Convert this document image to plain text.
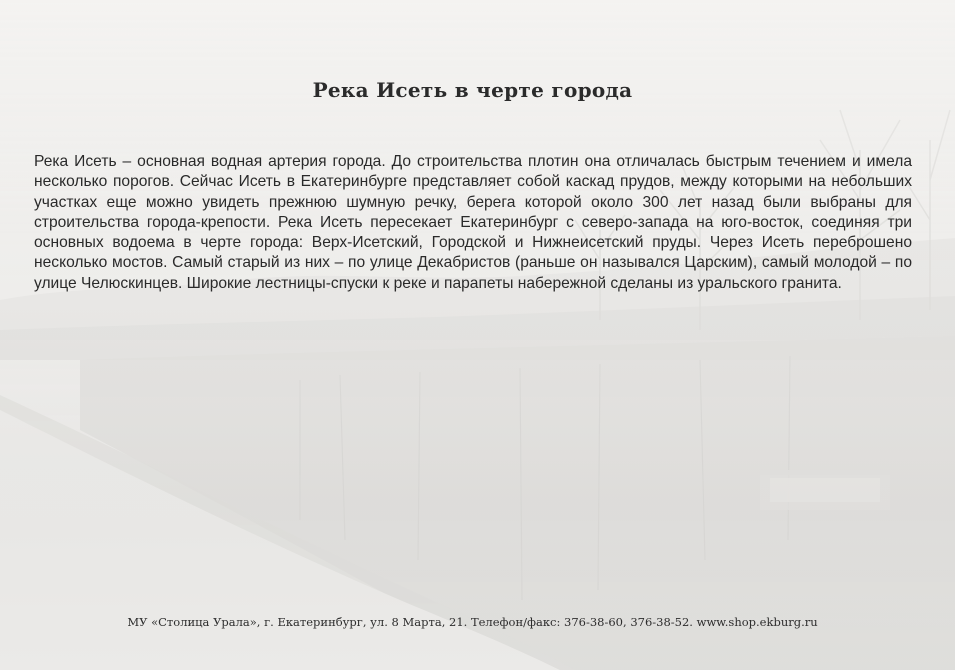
Река Исеть в черте города

Река Исеть – основная водная артерия города. До строительства плотин она отличалась быстрым течением и имела несколько порогов. Сейчас Исеть в Екатеринбурге представляет собой каскад прудов, между которыми на небольших участках еще можно увидеть прежнюю шумную речку, берега которой около 300 лет назад были выбраны для строительства города-крепости. Река Исеть пересекает Екатеринбург с северо-запада на юго-восток, соединяя три основных водоема в черте города: Верх-Исетский, Городской и Нижнеисетский пруды. Через Исеть переброшено несколько мостов. Самый старый из них – по улице Декабристов (раньше он назывался Царским), самый молодой – по улице Челюскинцев. Широкие лестницы-спуски к реке и парапеты набережной сделаны из уральского гранита.

МУ «Столица Урала», г. Екатеринбург, ул. 8 Марта, 21. Телефон/факс: 376-38-60, 376-38-52. www.shop.ekburg.ru
